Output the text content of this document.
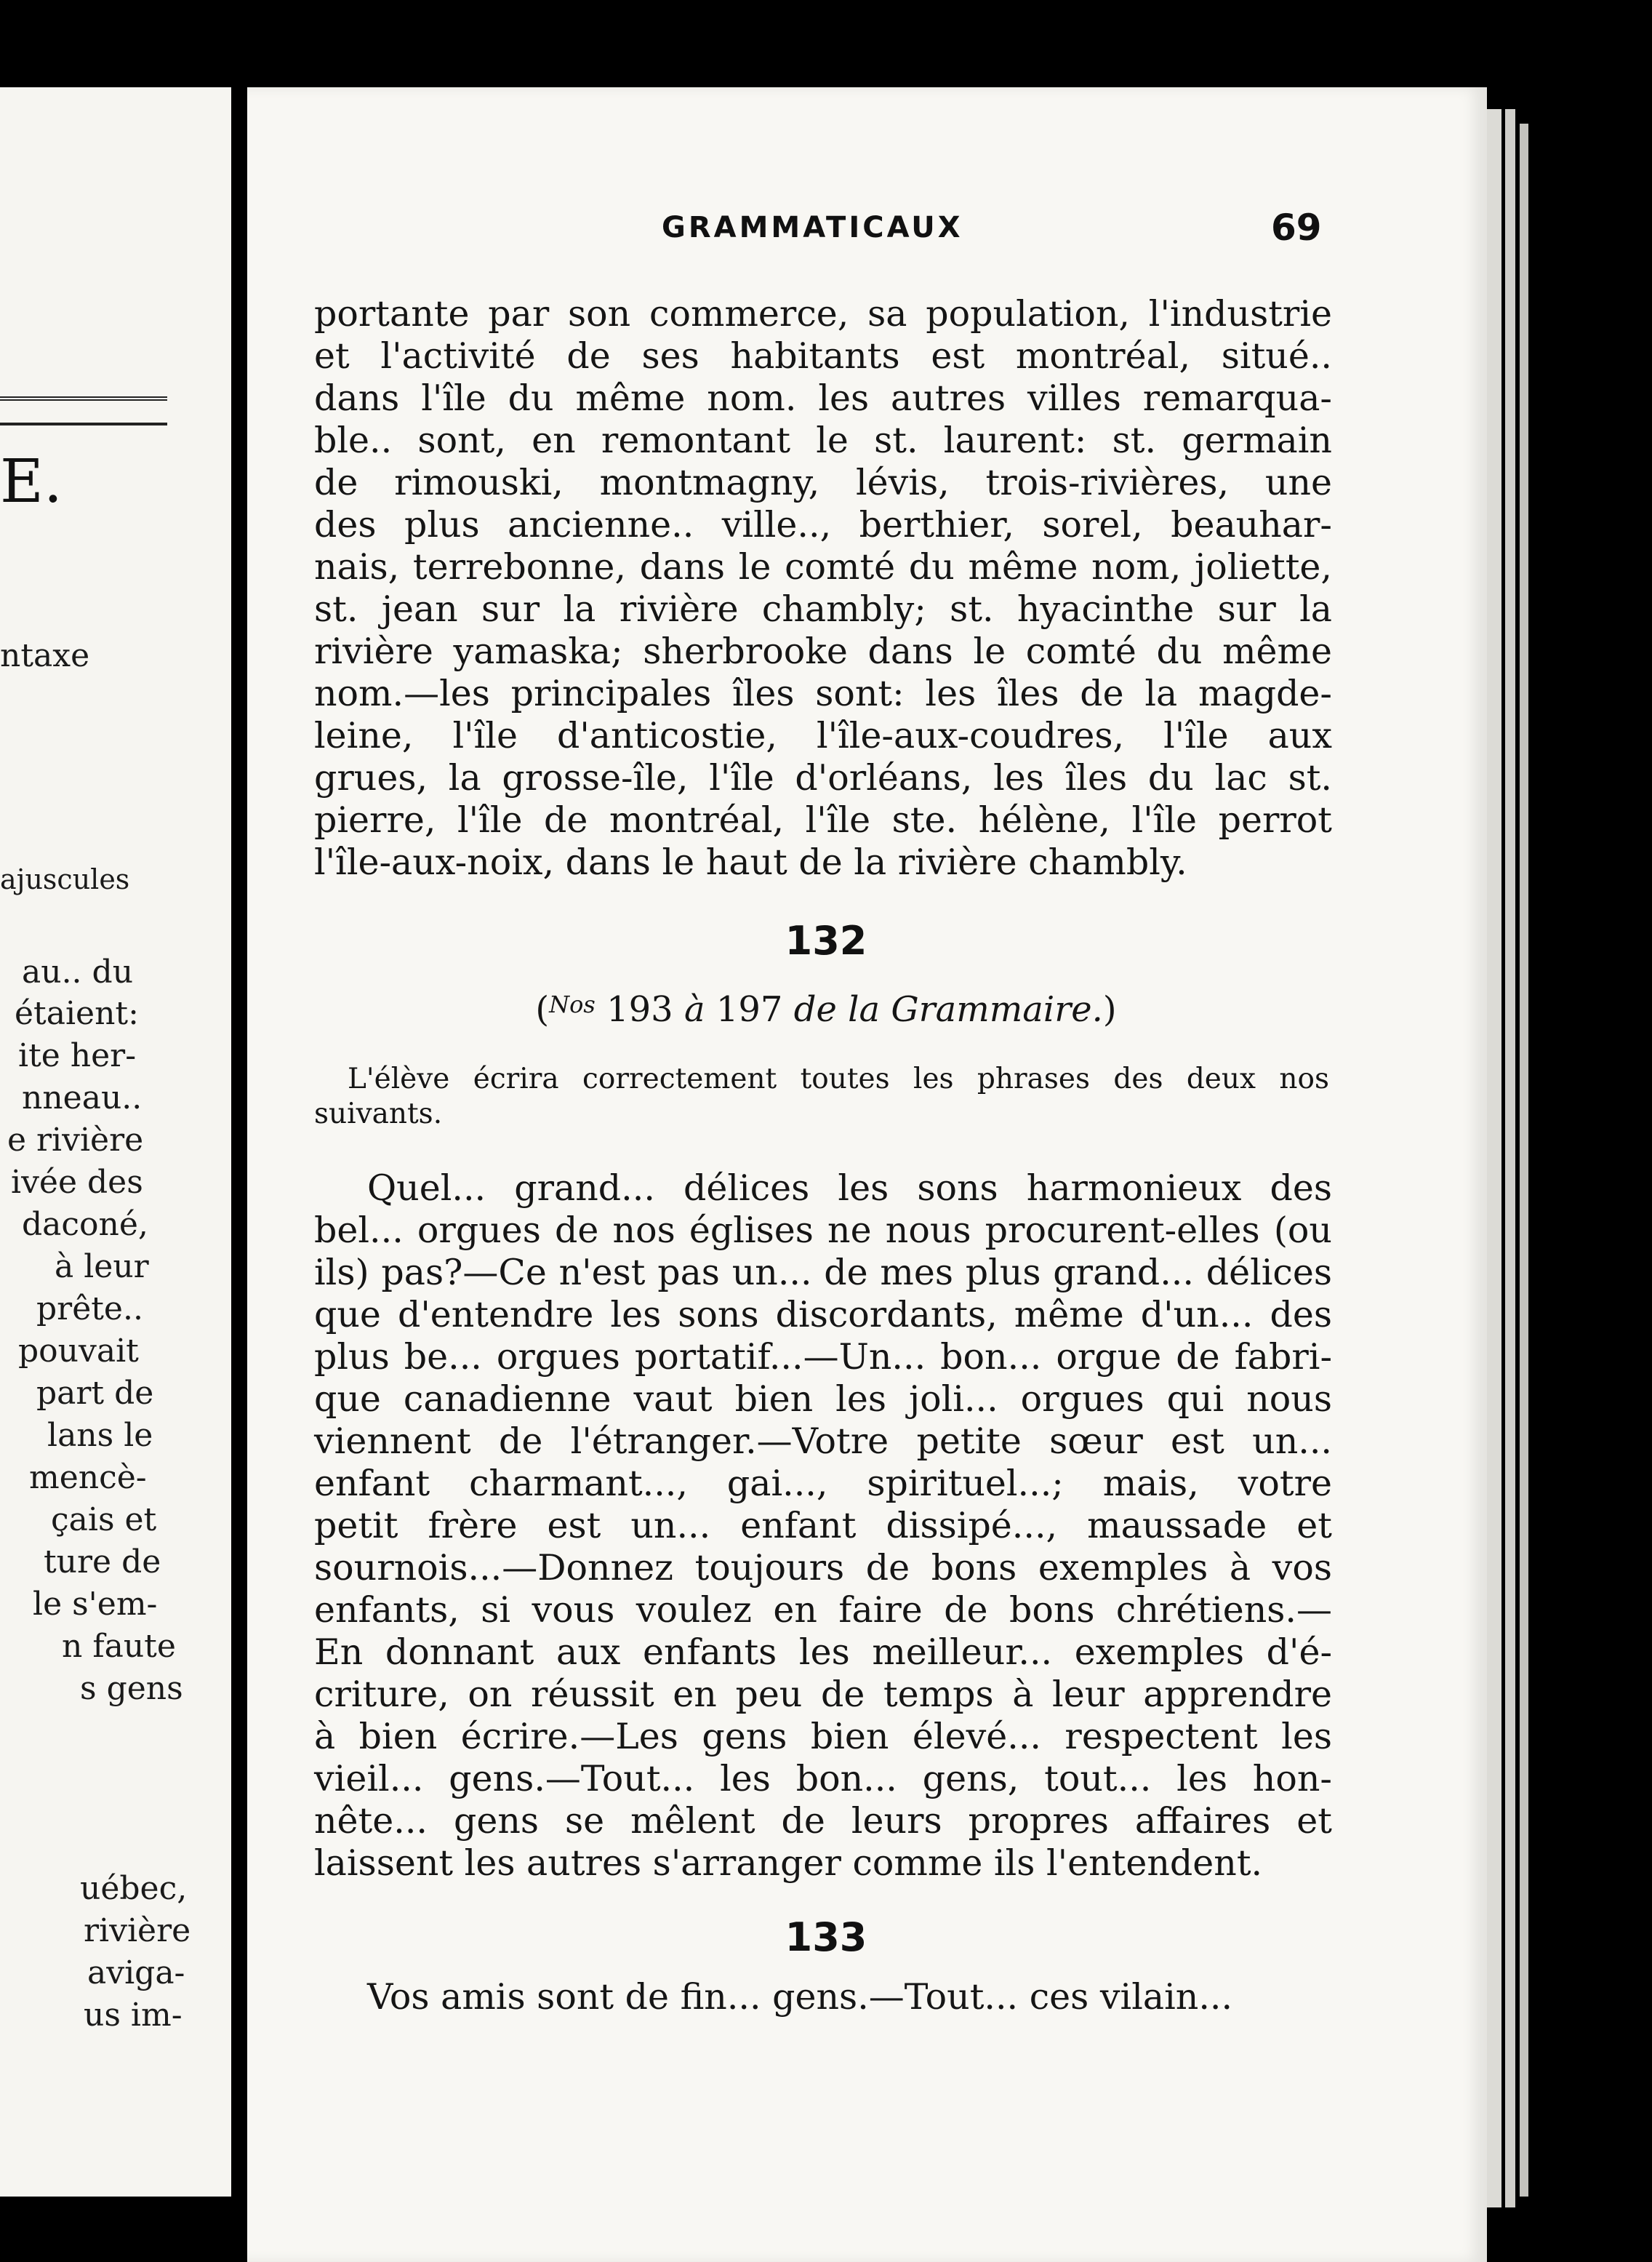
E.
ntaxe
ajuscules
au.. du
étaient:
ite her-
nneau..
e rivière
ivée des
daconé,
à leur
prête..
pouvait
part de
lans le
mencè-
çais et
ture de
le s'em-
n faute
s gens
uébec,
rivière
aviga-
us im-
GRAMMATICAUX	69
portante par son commerce, sa population, l'industrie
et l'activité de ses habitants est montréal, situé..
dans l'île du même nom. les autres villes remarqua-
ble.. sont, en remontant le st. laurent: st. germain
de rimouski, montmagny, lévis, trois-rivières, une
des plus ancienne.. ville.., berthier, sorel, beauhar-
nais, terrebonne, dans le comté du même nom, joliette,
st. jean sur la rivière chambly; st. hyacinthe sur la
rivière yamaska; sherbrooke dans le comté du même
nom.—les principales îles sont: les îles de la magde-
leine, l'île d'anticostie, l'île-aux-coudres, l'île aux
grues, la grosse-île, l'île d'orléans, les îles du lac st.
pierre, l'île de montréal, l'île ste. hélène, l'île perrot
l'île-aux-noix, dans le haut de la rivière chambly.
132
($^{Nos}$ 193 à 197 de la Grammaire.)
L'élève écrira correctement toutes les phrases des deux nos
suivants.
Quel... grand... délices les sons harmonieux des
bel... orgues de nos églises ne nous procurent-elles (ou
ils) pas?—Ce n'est pas un... de mes plus grand... délices
que d'entendre les sons discordants, même d'un... des
plus be... orgues portatif...—Un... bon... orgue de fabri-
que canadienne vaut bien les joli... orgues qui nous
viennent de l'étranger.—Votre petite sœur est un...
enfant charmant..., gai..., spirituel...; mais, votre
petit frère est un... enfant dissipé..., maussade et
sournois...—Donnez toujours de bons exemples à vos
enfants, si vous voulez en faire de bons chrétiens.—
En donnant aux enfants les meilleur... exemples d'é-
criture, on réussit en peu de temps à leur apprendre
à bien écrire.—Les gens bien élevé... respectent les
vieil... gens.—Tout... les bon... gens, tout... les hon-
nête... gens se mêlent de leurs propres affaires et
laissent les autres s'arranger comme ils l'entendent.
133
Vos amis sont de fin... gens.—Tout... ces vilain...
